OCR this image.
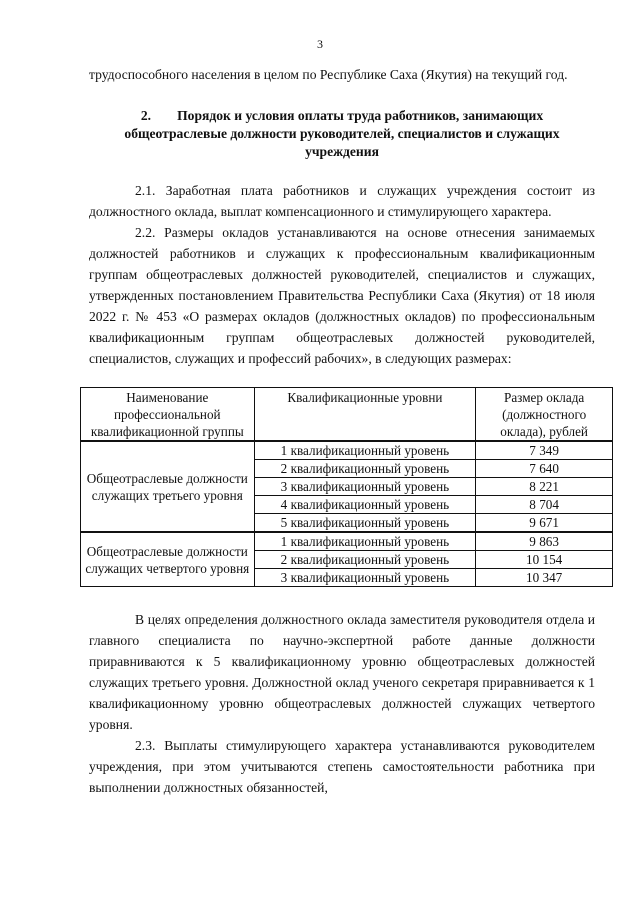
3

трудоспособного населения в целом по Республике Саха (Якутия) на текущий год.

2. Порядок и условия оплаты труда работников, занимающих общеотраслевые должности руководителей, специалистов и служащих учреждения

2.1. Заработная плата работников и служащих учреждения состоит из должностного оклада, выплат компенсационного и стимулирующего характера.

2.2. Размеры окладов устанавливаются на основе отнесения занимаемых должностей работников и служащих к профессиональным квалификационным группам общеотраслевых должностей руководителей, специалистов и служащих, утвержденных постановлением Правительства Республики Саха (Якутия) от 18 июля 2022 г. № 453 «О размерах окладов (должностных окладов) по профессиональным квалификационным группам общеотраслевых должностей руководителей, специалистов, служащих и профессий рабочих», в следующих размерах:

Наименование профессиональной квалификационной группы	Квалификационные уровни	Размер оклада (должностного оклада), рублей
Общеотраслевые должности служащих третьего уровня	1 квалификационный уровень	7 349
	2 квалификационный уровень	7 640
	3 квалификационный уровень	8 221
	4 квалификационный уровень	8 704
	5 квалификационный уровень	9 671
Общеотраслевые должности служащих четвертого уровня	1 квалификационный уровень	9 863
	2 квалификационный уровень	10 154
	3 квалификационный уровень	10 347

В целях определения должностного оклада заместителя руководителя отдела и главного специалиста по научно-экспертной работе данные должности приравниваются к 5 квалификационному уровню общеотраслевых должностей служащих третьего уровня. Должностной оклад ученого секретаря приравнивается к 1 квалификационному уровню общеотраслевых должностей служащих четвертого уровня.

2.3. Выплаты стимулирующего характера устанавливаются руководителем учреждения, при этом учитываются степень самостоятельности работника при выполнении должностных обязанностей,
